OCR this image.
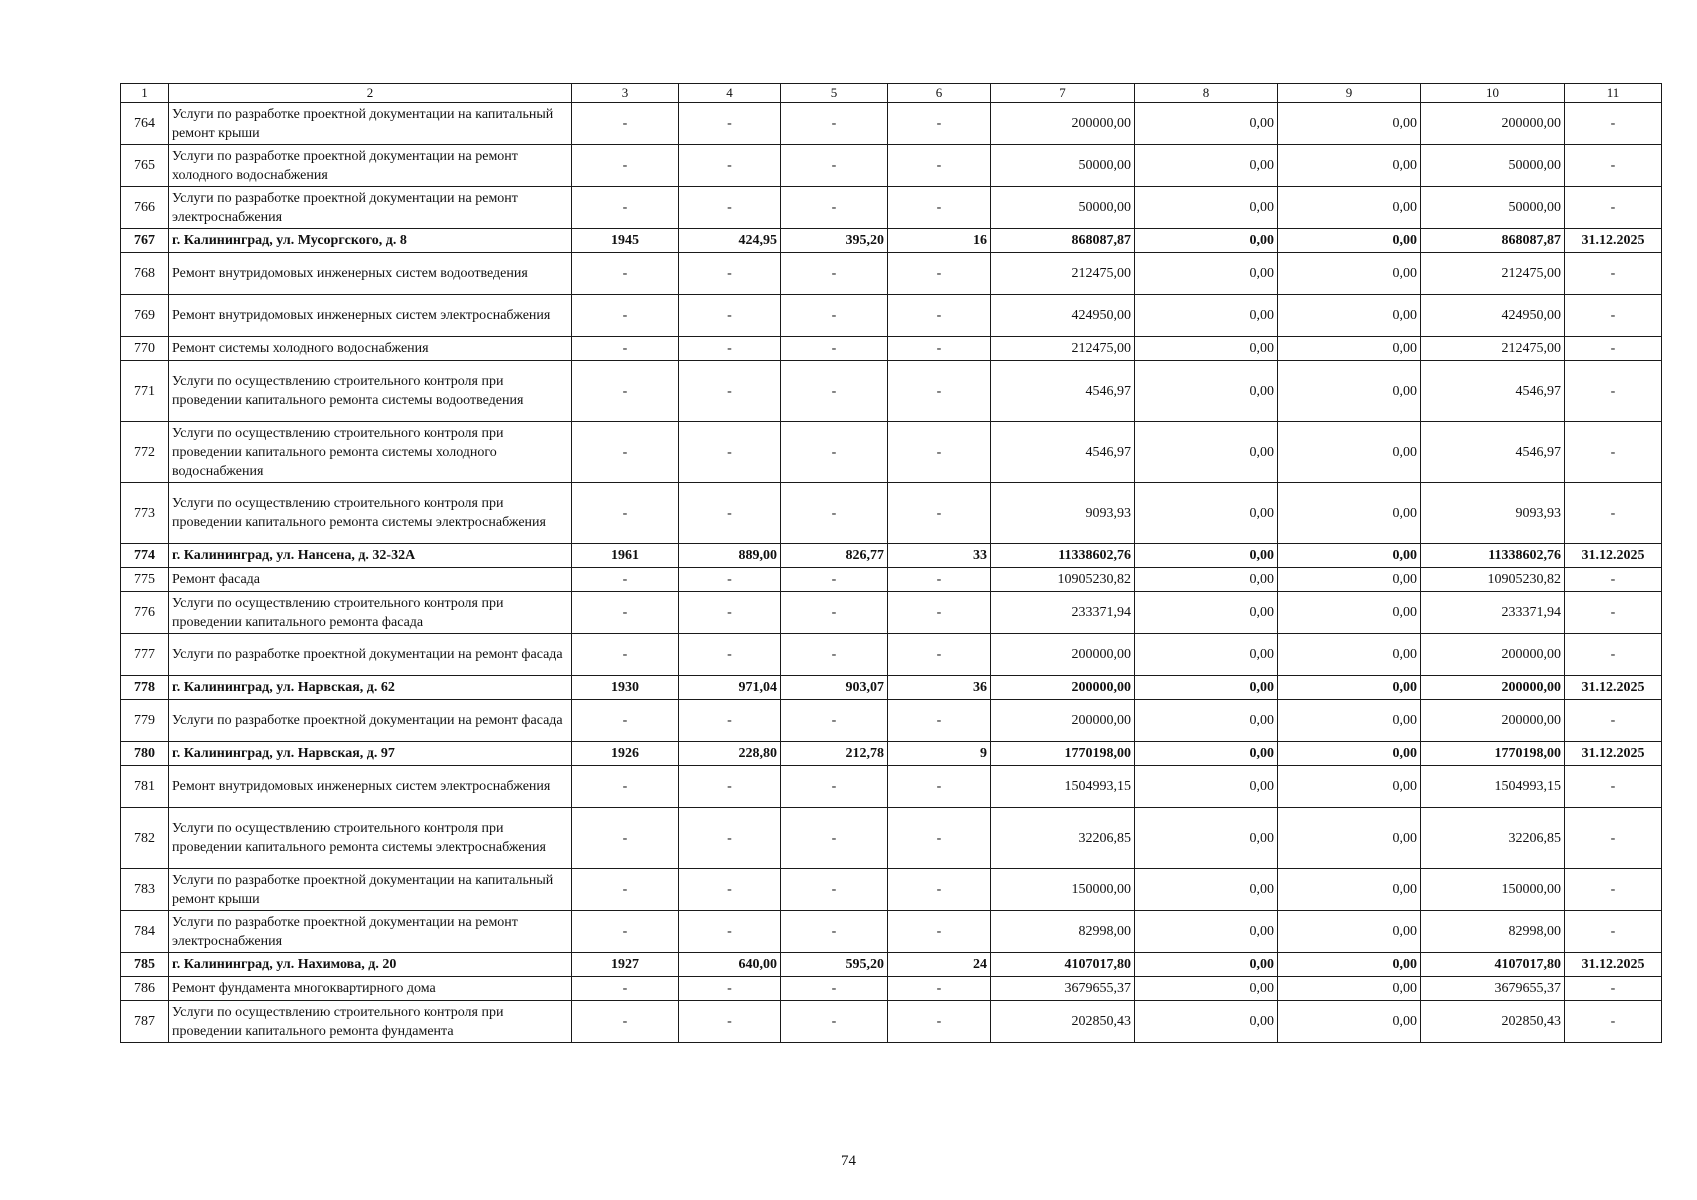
1	2	3	4	5	6	7	8	9	10	11
764	Услуги по разработке проектной документации на капитальный ремонт крыши	-	-	-	-	200000,00	0,00	0,00	200000,00	-
765	Услуги по разработке проектной документации на ремонт холодного водоснабжения	-	-	-	-	50000,00	0,00	0,00	50000,00	-
766	Услуги по разработке проектной документации на ремонт электроснабжения	-	-	-	-	50000,00	0,00	0,00	50000,00	-
767	г. Калининград, ул. Мусоргского, д. 8	1945	424,95	395,20	16	868087,87	0,00	0,00	868087,87	31.12.2025
768	Ремонт внутридомовых инженерных систем водоотведения	-	-	-	-	212475,00	0,00	0,00	212475,00	-
769	Ремонт внутридомовых инженерных систем электроснабжения	-	-	-	-	424950,00	0,00	0,00	424950,00	-
770	Ремонт системы холодного водоснабжения	-	-	-	-	212475,00	0,00	0,00	212475,00	-
771	Услуги по осуществлению строительного контроля при проведении капитального ремонта системы водоотведения	-	-	-	-	4546,97	0,00	0,00	4546,97	-
772	Услуги по осуществлению строительного контроля при проведении капитального ремонта системы холодного водоснабжения	-	-	-	-	4546,97	0,00	0,00	4546,97	-
773	Услуги по осуществлению строительного контроля при проведении капитального ремонта системы электроснабжения	-	-	-	-	9093,93	0,00	0,00	9093,93	-
774	г. Калининград, ул. Нансена, д. 32-32А	1961	889,00	826,77	33	11338602,76	0,00	0,00	11338602,76	31.12.2025
775	Ремонт фасада	-	-	-	-	10905230,82	0,00	0,00	10905230,82	-
776	Услуги по осуществлению строительного контроля при проведении капитального ремонта фасада	-	-	-	-	233371,94	0,00	0,00	233371,94	-
777	Услуги по разработке проектной документации на ремонт фасада	-	-	-	-	200000,00	0,00	0,00	200000,00	-
778	г. Калининград, ул. Нарвская, д. 62	1930	971,04	903,07	36	200000,00	0,00	0,00	200000,00	31.12.2025
779	Услуги по разработке проектной документации на ремонт фасада	-	-	-	-	200000,00	0,00	0,00	200000,00	-
780	г. Калининград, ул. Нарвская, д. 97	1926	228,80	212,78	9	1770198,00	0,00	0,00	1770198,00	31.12.2025
781	Ремонт внутридомовых инженерных систем электроснабжения	-	-	-	-	1504993,15	0,00	0,00	1504993,15	-
782	Услуги по осуществлению строительного контроля при проведении капитального ремонта системы электроснабжения	-	-	-	-	32206,85	0,00	0,00	32206,85	-
783	Услуги по разработке проектной документации на капитальный ремонт крыши	-	-	-	-	150000,00	0,00	0,00	150000,00	-
784	Услуги по разработке проектной документации на ремонт электроснабжения	-	-	-	-	82998,00	0,00	0,00	82998,00	-
785	г. Калининград, ул. Нахимова, д. 20	1927	640,00	595,20	24	4107017,80	0,00	0,00	4107017,80	31.12.2025
786	Ремонт фундамента многоквартирного дома	-	-	-	-	3679655,37	0,00	0,00	3679655,37	-
787	Услуги по осуществлению строительного контроля при проведении капитального ремонта фундамента	-	-	-	-	202850,43	0,00	0,00	202850,43	-
74
